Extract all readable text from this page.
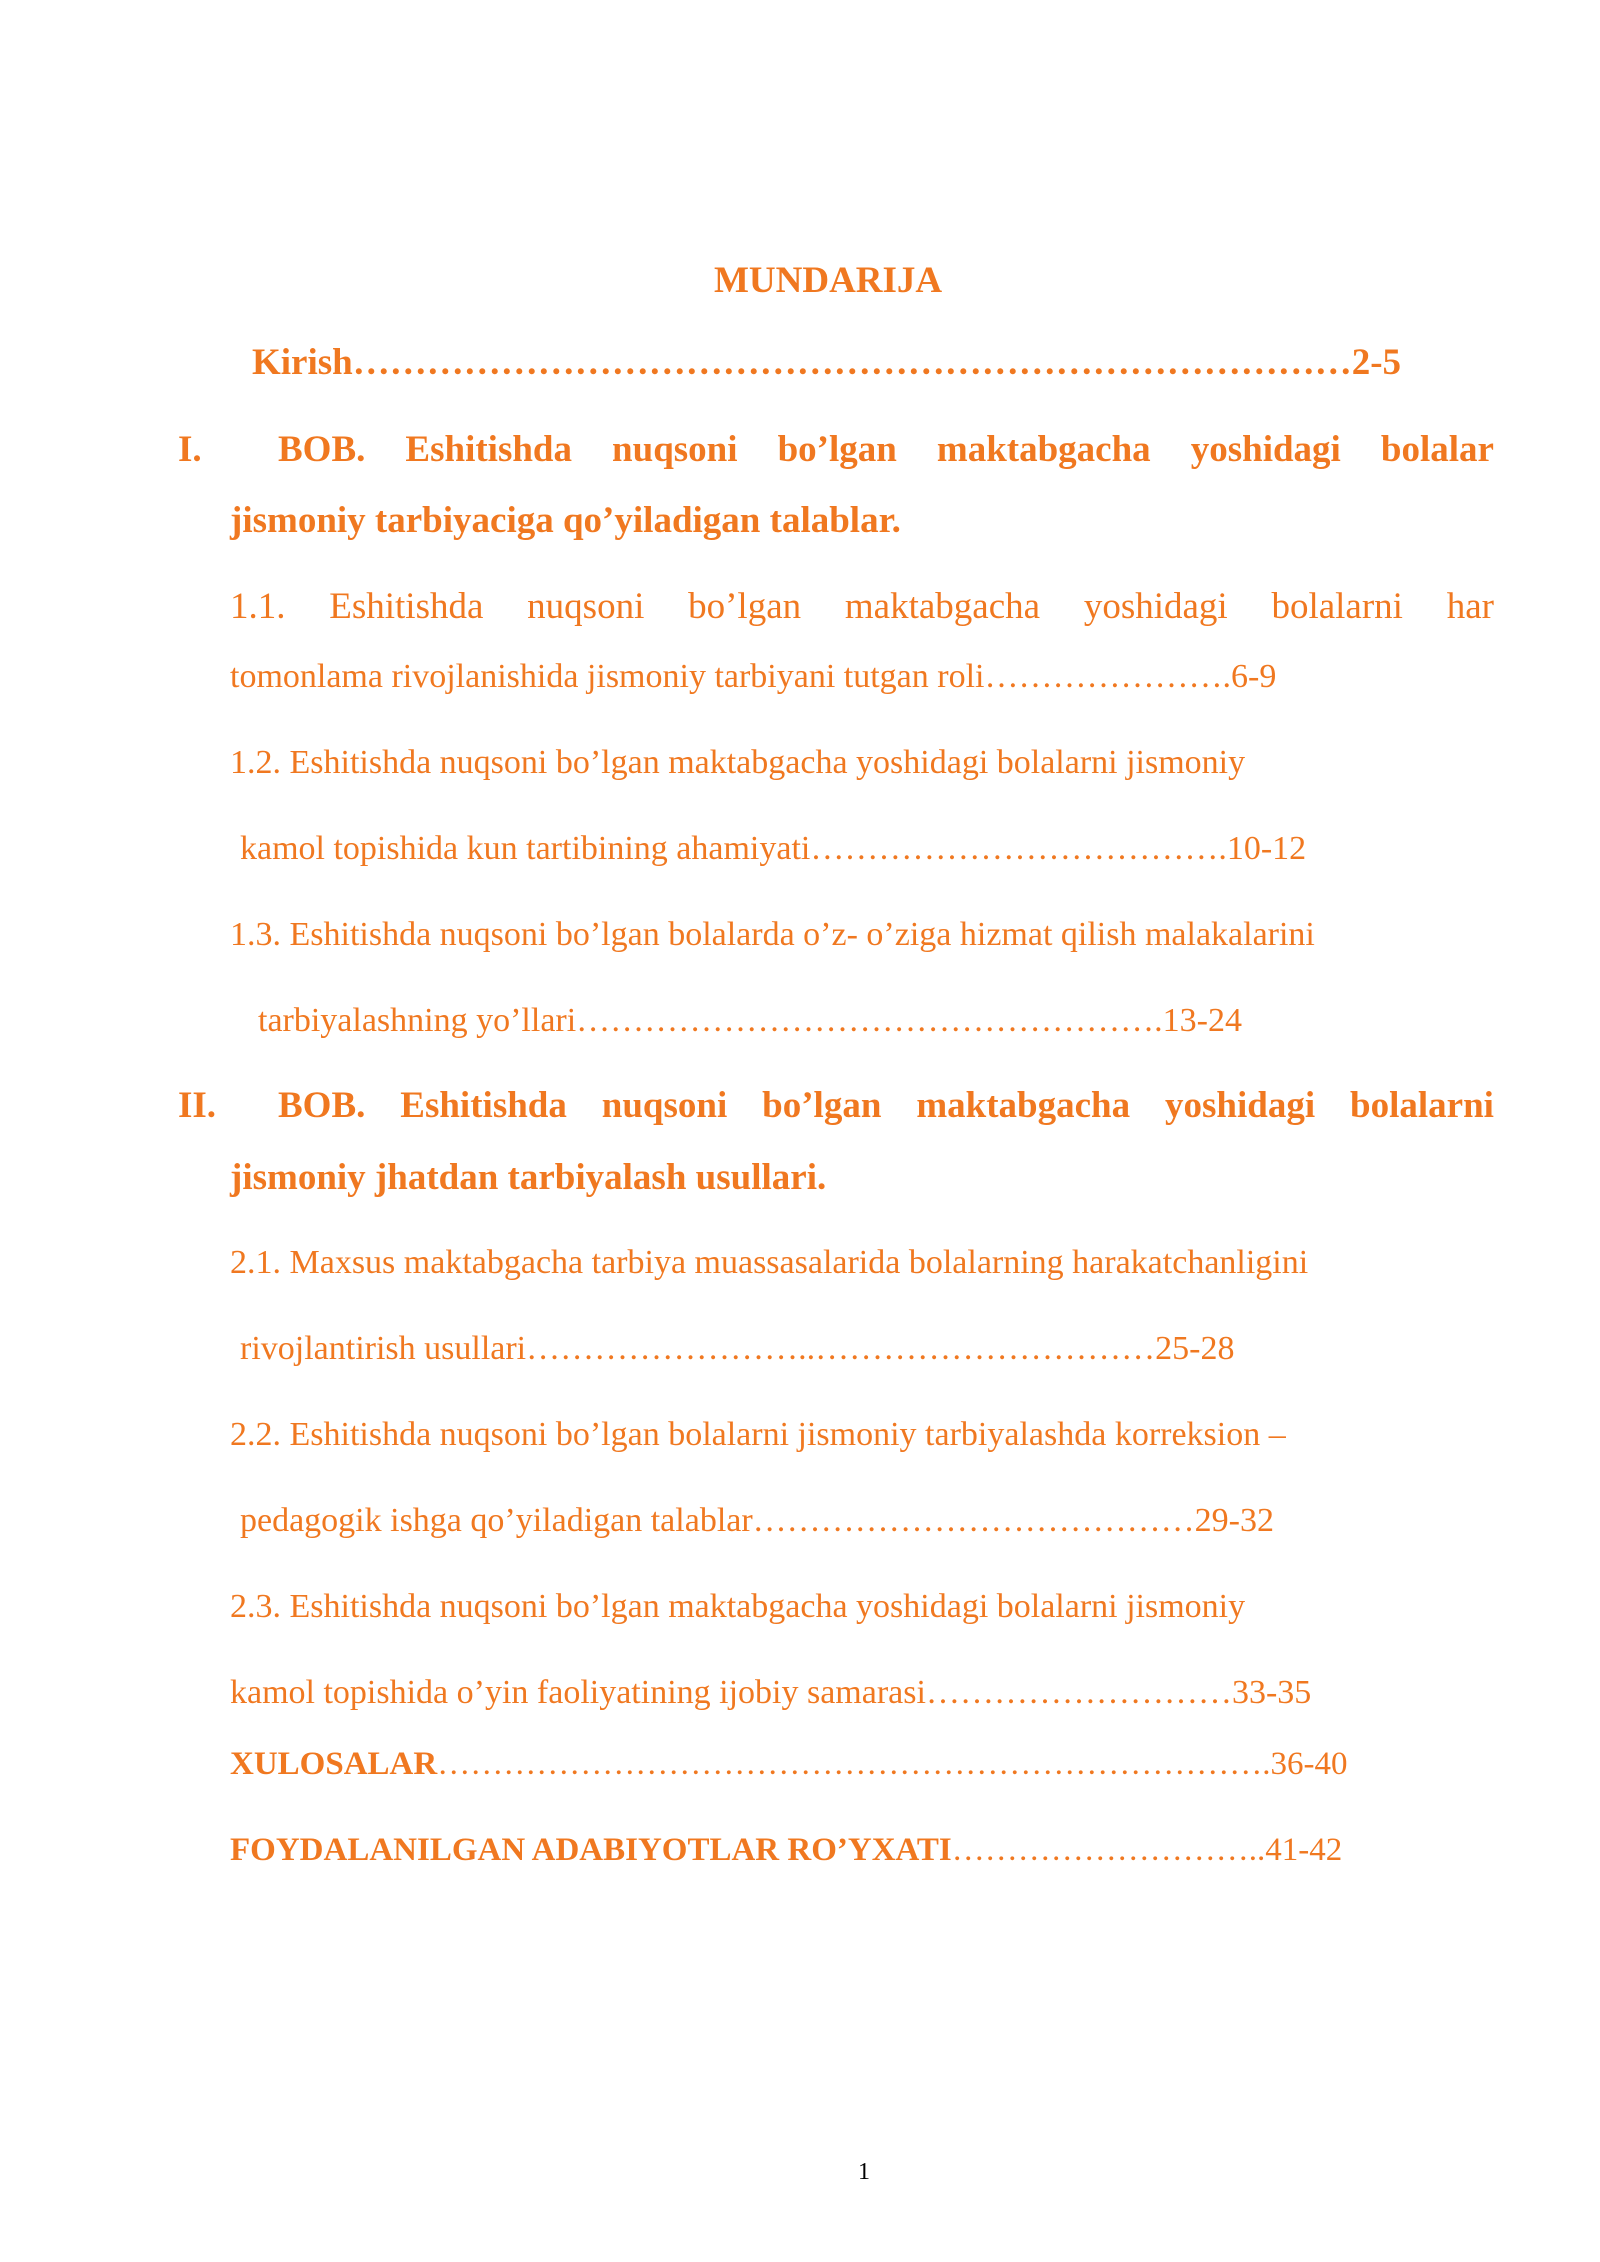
MUNDARIJA
Kirish………………………………………………………………………2-5
I. BOB. Eshitishda nuqsoni bo’lgan maktabgacha yoshidagi bolalar
jismoniy tarbiyaciga qo’yiladigan talablar.
1.1. Eshitishda nuqsoni bo’lgan maktabgacha yoshidagi bolalarni har
tomonlama rivojlanishida jismoniy tarbiyani tutgan roli………………….6-9
1.2. Eshitishda nuqsoni bo’lgan maktabgacha yoshidagi bolalarni jismoniy
kamol topishida kun tartibining ahamiyati……………………………….10-12
1.3. Eshitishda nuqsoni bo’lgan bolalarda o’z- o’ziga hizmat qilish malakalarini
tarbiyalashning yo’llari…………………………………………….13-24
II. BOB. Eshitishda nuqsoni bo’lgan maktabgacha yoshidagi bolalarni
jismoniy jhatdan tarbiyalash usullari.
2.1. Maxsus maktabgacha tarbiya muassasalarida bolalarning harakatchanligini
rivojlantirish usullari……………………..…………………………25-28
2.2. Eshitishda nuqsoni bo’lgan bolalarni jismoniy tarbiyalashda korreksion –
pedagogik ishga qo’yiladigan talablar…………………………………29-32
2.3. Eshitishda nuqsoni bo’lgan maktabgacha yoshidagi bolalarni jismoniy
kamol topishida o’yin faoliyatining ijobiy samarasi………………………33-35
XULOSALAR………………………………………………………………….36-40
FOYDALANILGAN ADABIYOTLAR RO’YXATI………………………..41-42
1
